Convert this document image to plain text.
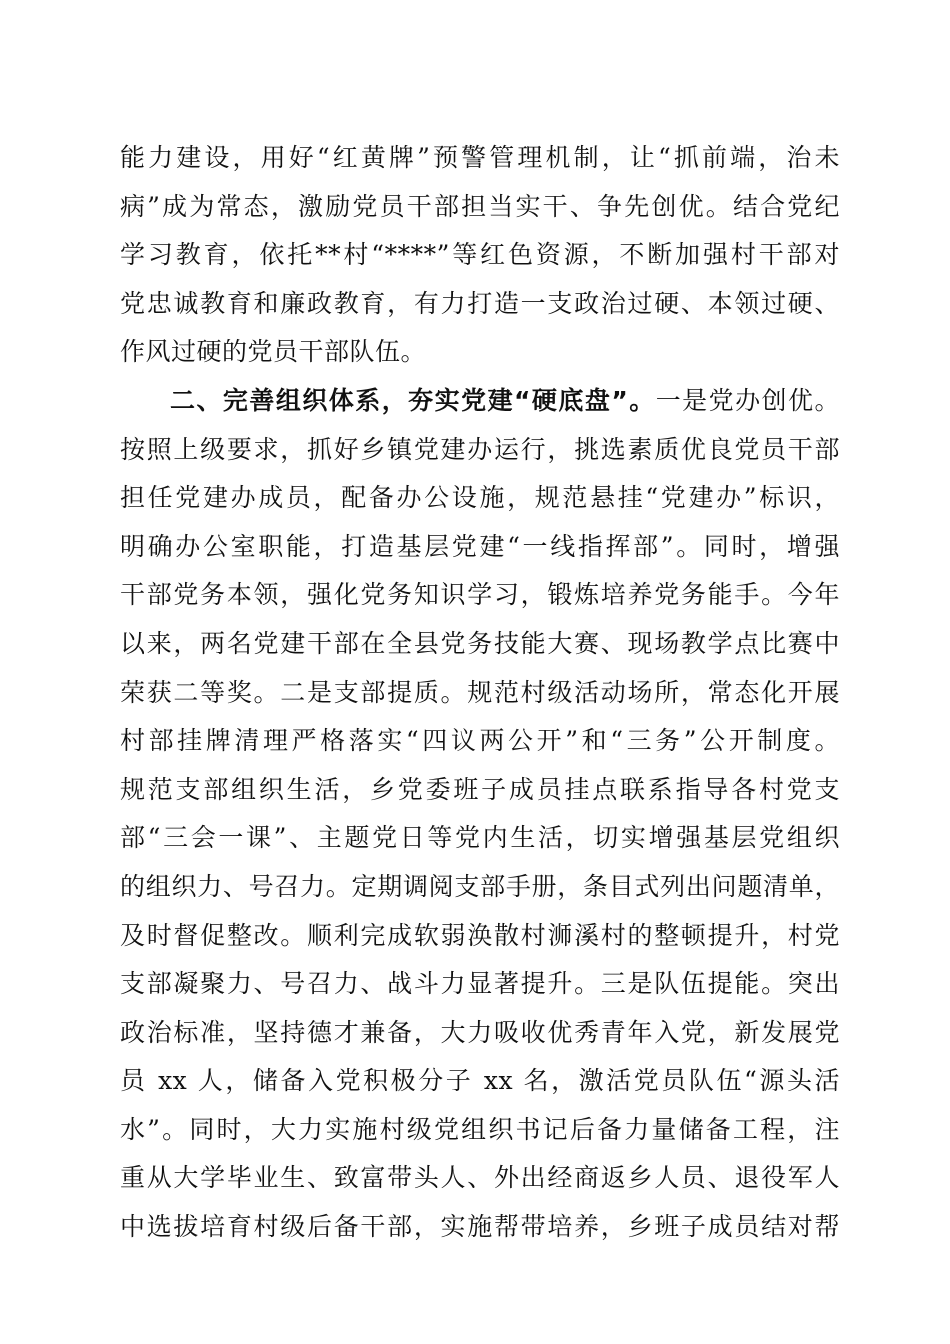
能力建设，用好“红黄牌”预警管理机制，让“抓前端，治未
病”成为常态，激励党员干部担当实干、争先创优。结合党纪
学习教育，依托**村“****”等红色资源，不断加强村干部对
党忠诚教育和廉政教育，有力打造一支政治过硬、本领过硬、
作风过硬的党员干部队伍。
二、完善组织体系，夯实党建“硬底盘”。一是党办创优。
按照上级要求，抓好乡镇党建办运行，挑选素质优良党员干部
担任党建办成员，配备办公设施，规范悬挂“党建办”标识，
明确办公室职能，打造基层党建“一线指挥部”。同时，增强
干部党务本领，强化党务知识学习，锻炼培养党务能手。今年
以来，两名党建干部在全县党务技能大赛、现场教学点比赛中
荣获二等奖。二是支部提质。规范村级活动场所，常态化开展
村部挂牌清理严格落实“四议两公开”和“三务”公开制度。
规范支部组织生活，乡党委班子成员挂点联系指导各村党支
部“三会一课”、主题党日等党内生活，切实增强基层党组织
的组织力、号召力。定期调阅支部手册，条目式列出问题清单，
及时督促整改。顺利完成软弱涣散村浉溪村的整顿提升，村党
支部凝聚力、号召力、战斗力显著提升。三是队伍提能。突出
政治标准，坚持德才兼备，大力吸收优秀青年入党，新发展党
员 xx 人，储备入党积极分子 xx 名，激活党员队伍“源头活
水”。同时，大力实施村级党组织书记后备力量储备工程，注
重从大学毕业生、致富带头人、外出经商返乡人员、退役军人
中选拔培育村级后备干部，实施帮带培养，乡班子成员结对帮
